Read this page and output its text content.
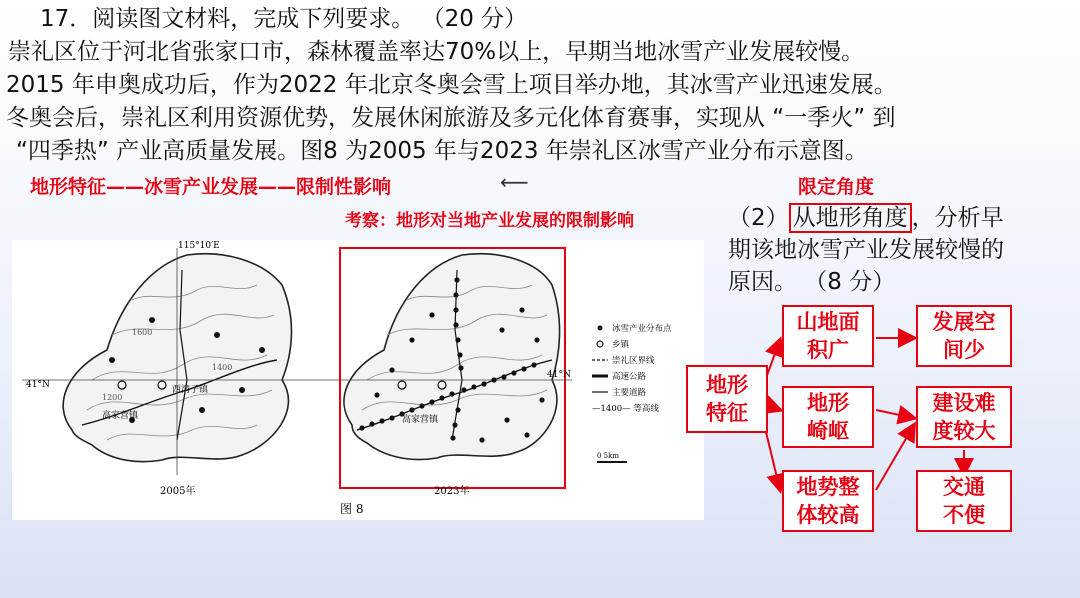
17．阅读图文材料，完成下列要求。 （20 分）
崇礼区位于河北省张家口市，森林覆盖率达70%以上，早期当地冰雪产业发展较慢。
2015 年申奥成功后，作为2022 年北京冬奥会雪上项目举办地，其冰雪产业迅速发展。
冬奥会后，崇礼区利用资源优势，发展休闲旅游及多元化体育赛事，实现从 “一季火” 到
“四季热” 产业高质量发展。图8 为2005 年与2023 年崇礼区冰雪产业分布示意图。
地形特征——冰雪产业发展——限制性影响	⟵	限定角度
考察：地形对当地产业发展的限制影响	（2） 从地形角度 ，分析早
期该地冰雪产业发展较慢的
原因。 （8 分）
115°10′E
41°N	西湾子镇
高家营镇
2005年
1600
1400
1200
高家营镇
41°N
2023年
冰雪产业分布点
乡镇
崇礼区界线
高速公路
主要道路
—1400— 等高线
0 5km
图 8
地形
特征
山地面
积广
发展空
间少
地形
崎岖
建设难
度较大
地势整
体较高
交通
不便
